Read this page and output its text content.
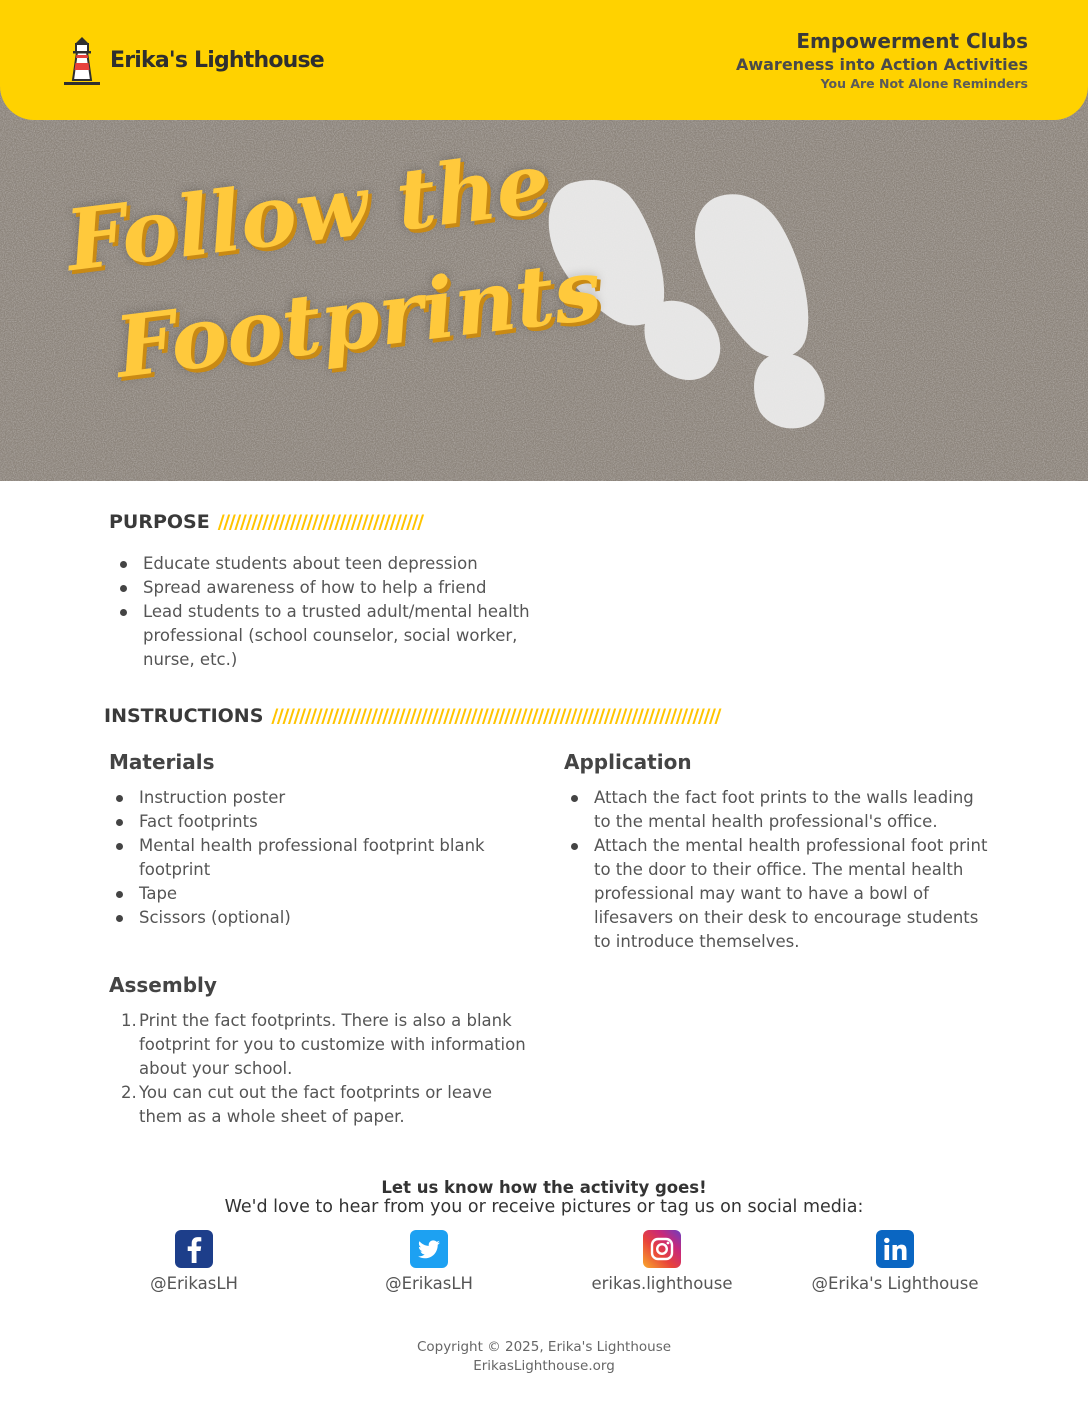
Erika's Lighthouse
Empowerment Clubs
Awareness into Action Activities
You Are Not Alone Reminders
Follow the
Footprints
PURPOSE /////////////////////////////////////
Educate students about teen depression
Spread awareness of how to help a friend
Lead students to a trusted adult/mental health professional (school counselor, social worker, nurse, etc.)
INSTRUCTIONS /////////////////////////////////////////////////////////////////////////////////
Materials
Instruction poster
Fact footprints
Mental health professional footprint blank footprint
Tape
Scissors (optional)
Assembly
1. Print the fact footprints. There is also a blank footprint for you to customize with information about your school.
2. You can cut out the fact footprints or leave them as a whole sheet of paper.
Application
Attach the fact foot prints to the walls leading to the mental health professional's office.
Attach the mental health professional foot print to the door to their office. The mental health professional may want to have a bowl of lifesavers on their desk to encourage students to introduce themselves.
Let us know how the activity goes!
We'd love to hear from you or receive pictures or tag us on social media:
@ErikasLH	@ErikasLH	erikas.lighthouse	@Erika's Lighthouse
Copyright © 2025, Erika's Lighthouse
ErikasLighthouse.org
